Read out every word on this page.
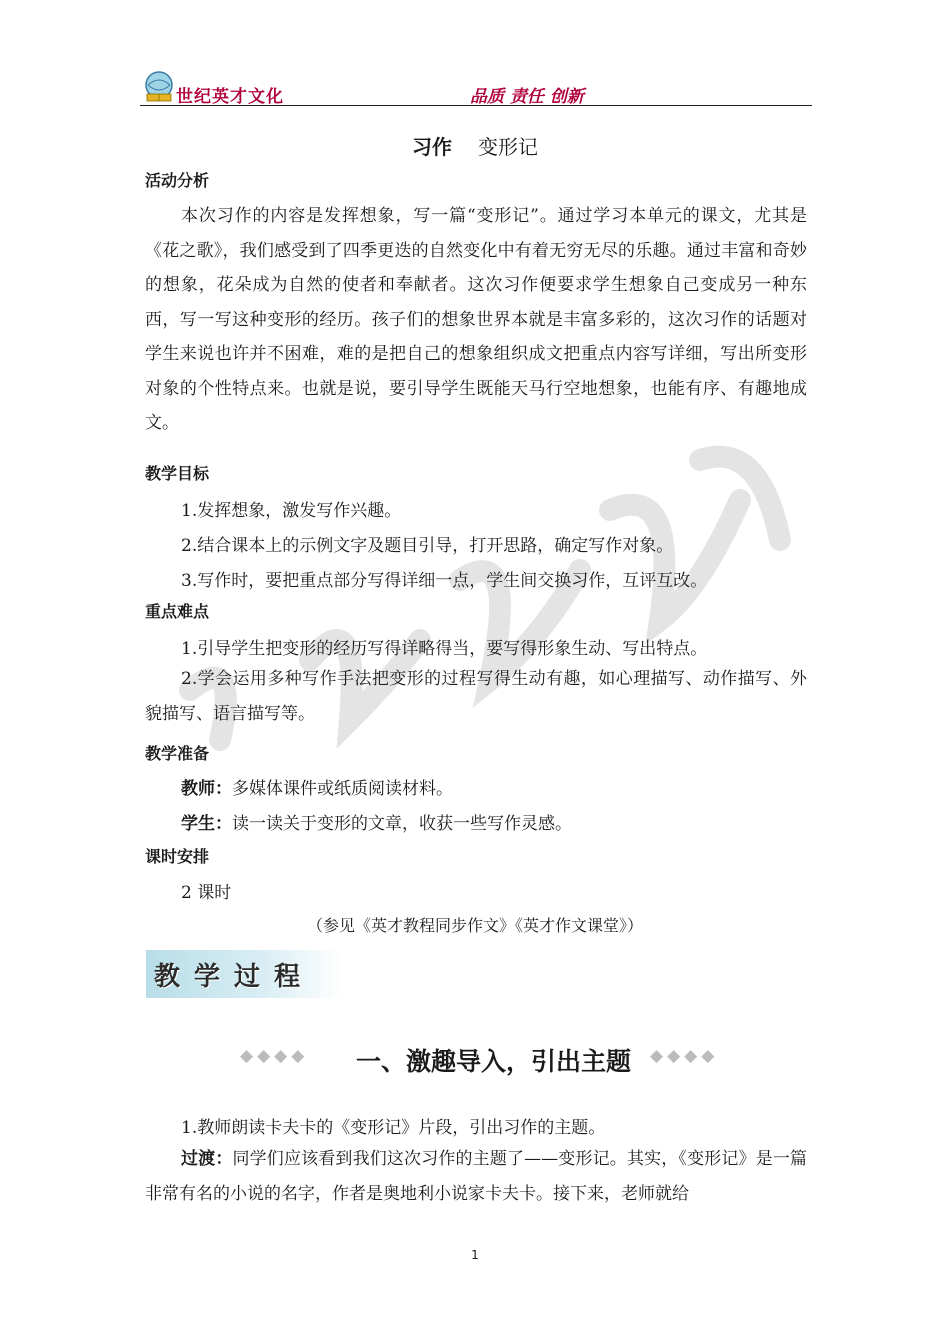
世纪英才文化	品质 责任 创新
习作 变形记
活动分析
本次习作的内容是发挥想象，写一篇“变形记”。通过学习本单元的课文，尤其是《花之歌》，我们感受到了四季更迭的自然变化中有着无穷无尽的乐趣。通过丰富和奇妙的想象，花朵成为自然的使者和奉献者。这次习作便要求学生想象自己变成另一种东西，写一写这种变形的经历。孩子们的想象世界本就是丰富多彩的，这次习作的话题对学生来说也许并不困难，难的是把自己的想象组织成文把重点内容写详细，写出所变形对象的个性特点来。也就是说，要引导学生既能天马行空地想象，也能有序、有趣地成文。
教学目标
1.发挥想象，激发写作兴趣。
2.结合课本上的示例文字及题目引导，打开思路，确定写作对象。
3.写作时，要把重点部分写得详细一点，学生间交换习作，互评互改。
重点难点
1.引导学生把变形的经历写得详略得当，要写得形象生动、写出特点。
2.学会运用多种写作手法把变形的过程写得生动有趣，如心理描写、动作描写、外貌描写、语言描写等。
教学准备
教师：多媒体课件或纸质阅读材料。
学生：读一读关于变形的文章，收获一些写作灵感。
课时安排
2 课时
（参见《英才教程同步作文》《英才作文课堂》）
教学过程
◆◆◆◆ 一、激趣导入，引出主题 ◆◆◆◆
1.教师朗读卡夫卡的《变形记》片段，引出习作的主题。
过渡：同学们应该看到我们这次习作的主题了——变形记。其实，《变形记》是一篇非常有名的小说的名字，作者是奥地利小说家卡夫卡。接下来，老师就给
1
